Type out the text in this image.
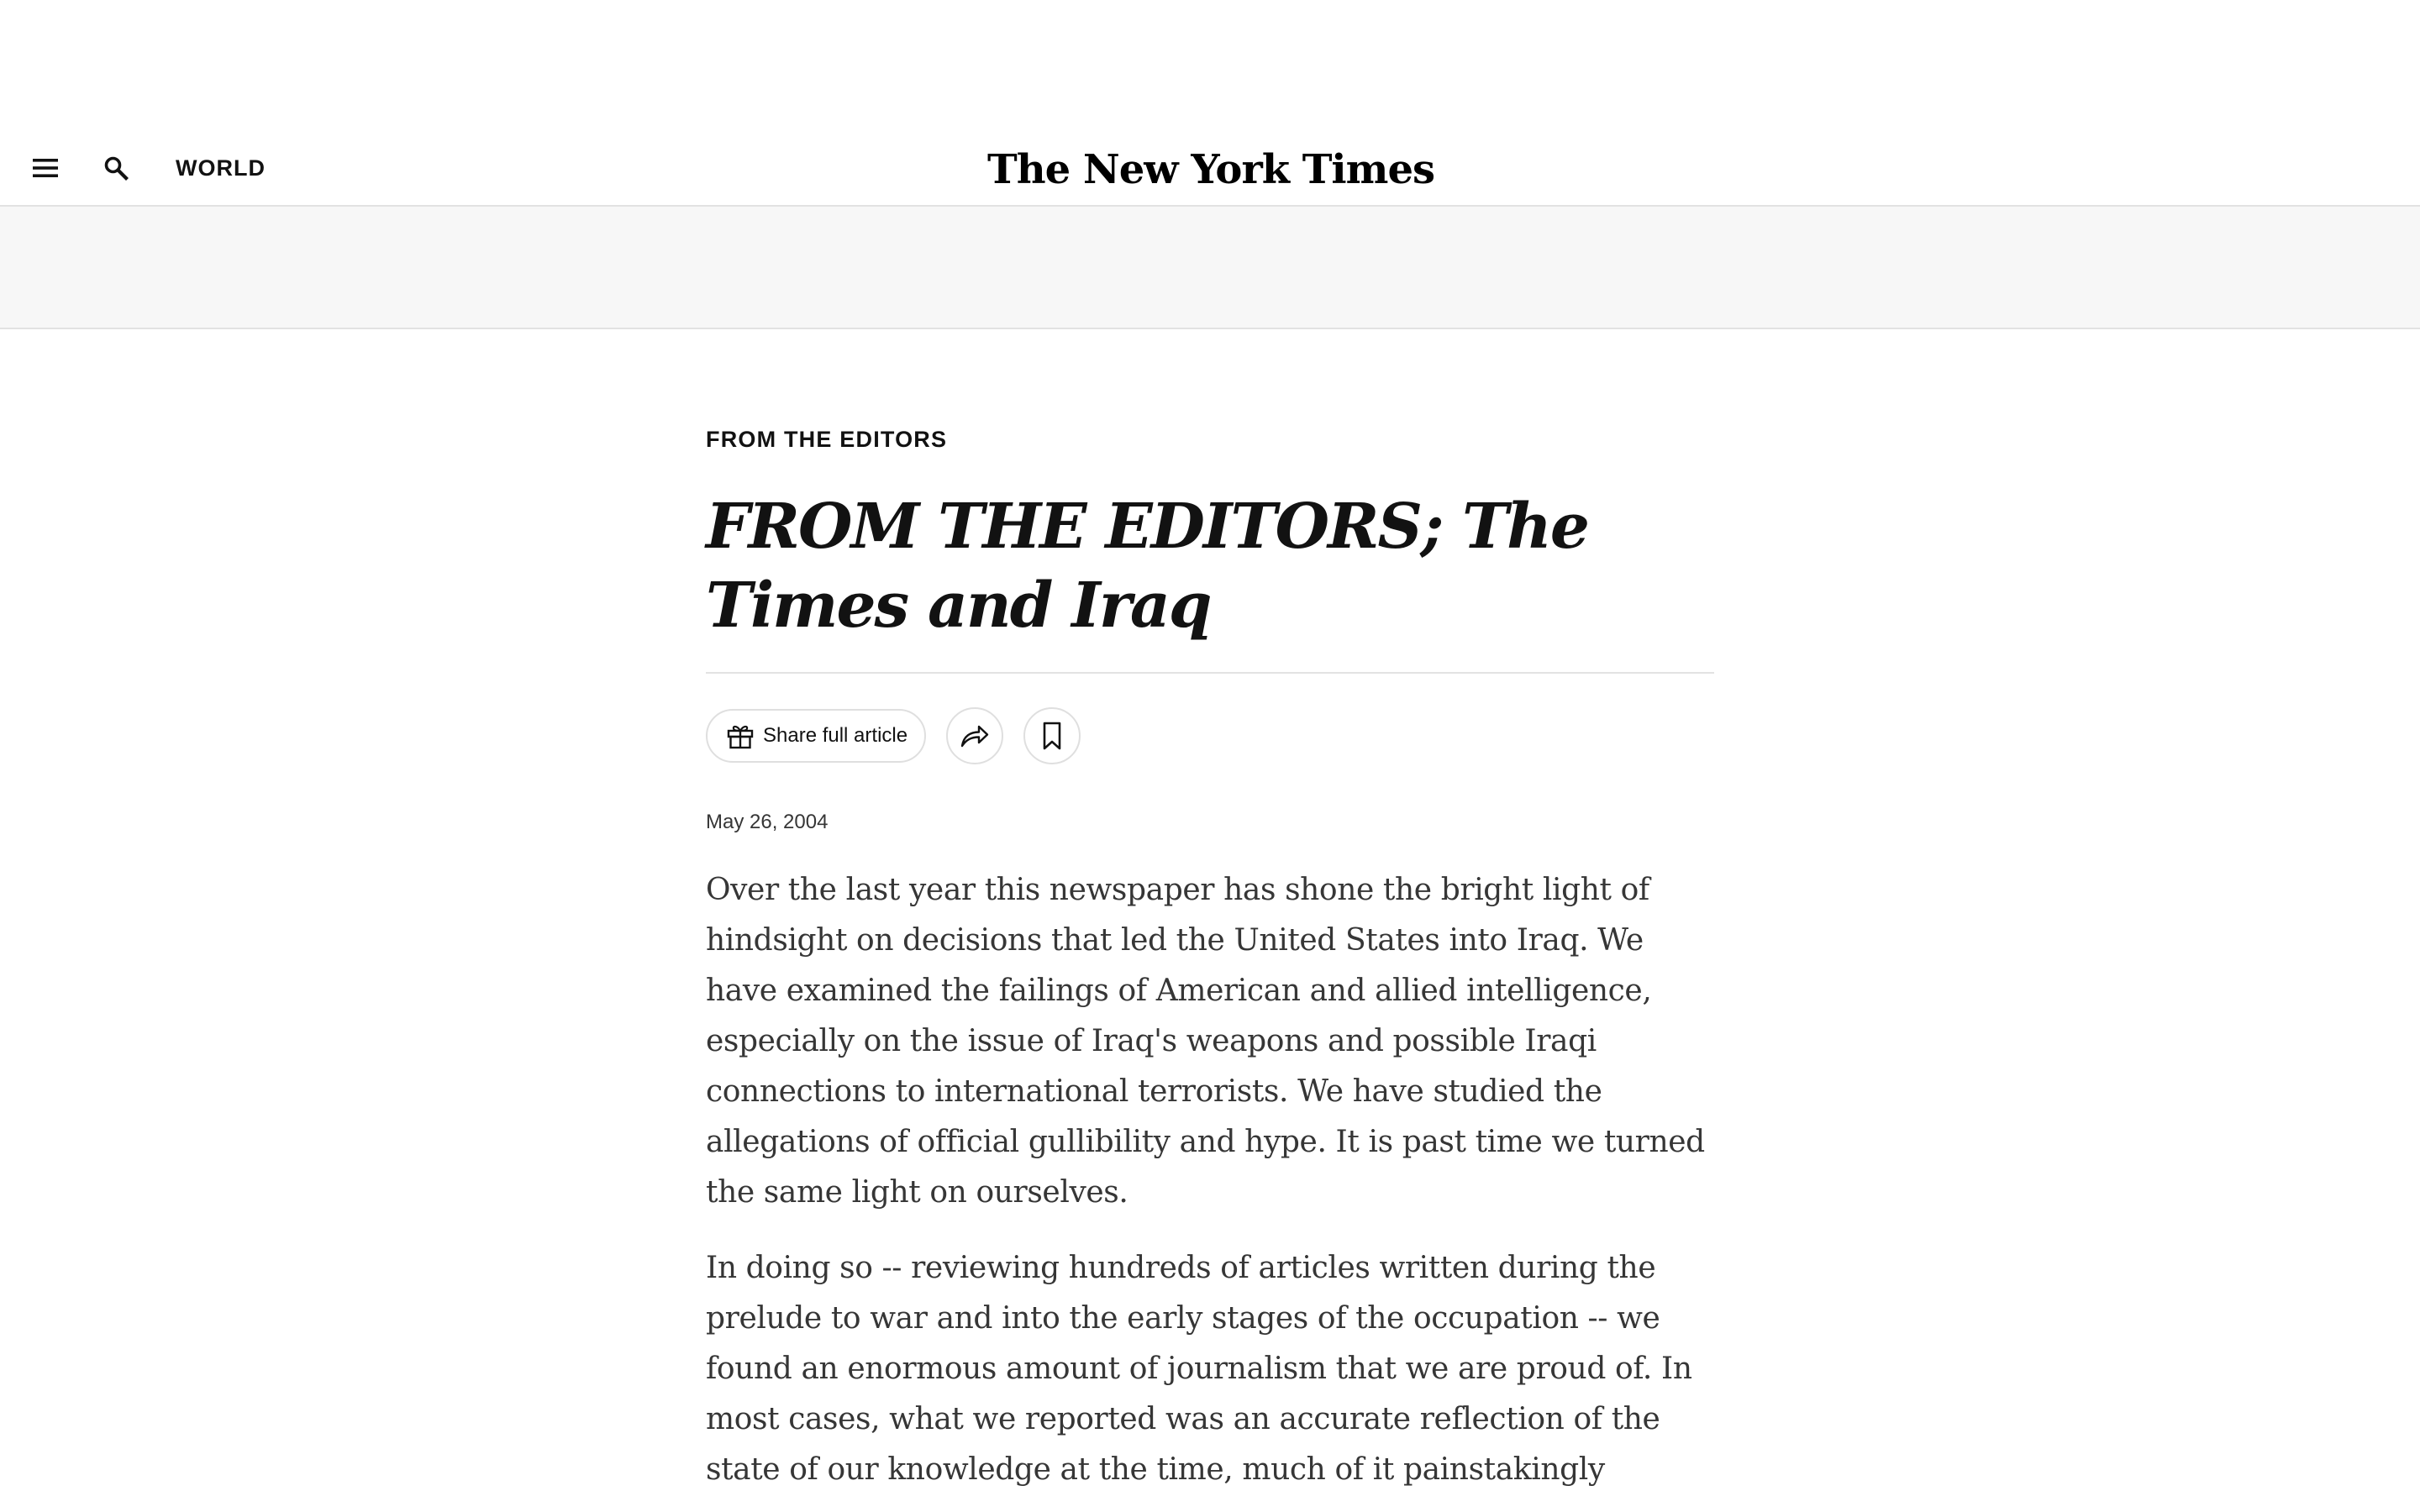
WORLD	The New York Times
FROM THE EDITORS
FROM THE EDITORS; The Times and Iraq
Share full article
May 26, 2004

Over the last year this newspaper has shone the bright light of hindsight on decisions that led the United States into Iraq. We have examined the failings of American and allied intelligence, especially on the issue of Iraq's weapons and possible Iraqi connections to international terrorists. We have studied the allegations of official gullibility and hype. It is past time we turned the same light on ourselves.

In doing so -- reviewing hundreds of articles written during the prelude to war and into the early stages of the occupation -- we found an enormous amount of journalism that we are proud of. In most cases, what we reported was an accurate reflection of the state of our knowledge at the time, much of it painstakingly
